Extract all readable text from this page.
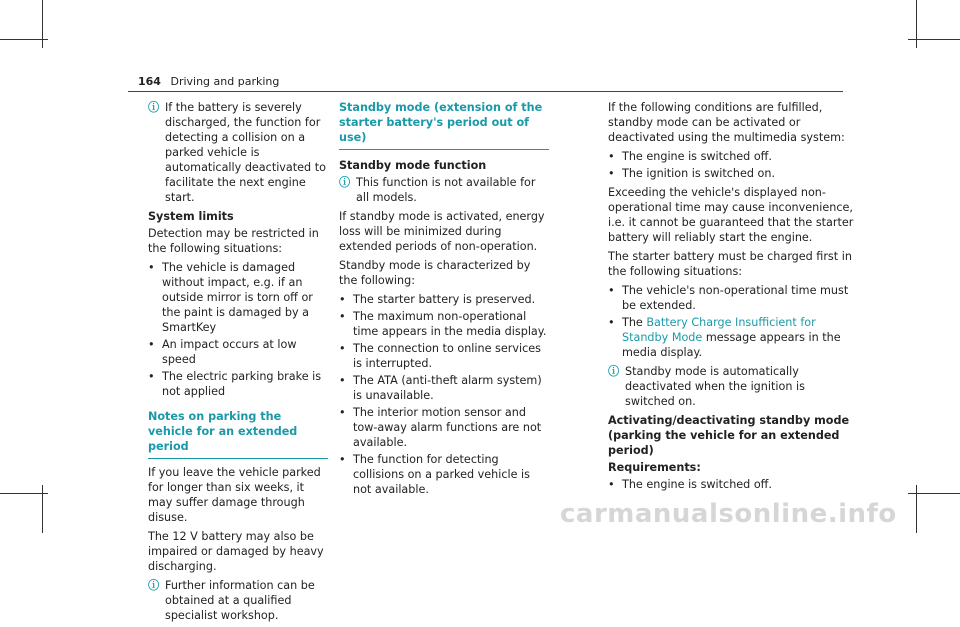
164 Driving and parking
ⓘ If the battery is severely discharged, the function for detecting a collision on a parked vehicle is automatically deactivated to facilitate the next engine start.
System limits
Detection may be restricted in the following situations:
• The vehicle is damaged without impact, e.g. if an outside mirror is torn off or the paint is damaged by a SmartKey
• An impact occurs at low speed
• The electric parking brake is not applied
Notes on parking the vehicle for an extended period
If you leave the vehicle parked for longer than six weeks, it may suffer damage through disuse.
The 12 V battery may also be impaired or damaged by heavy discharging.
ⓘ Further information can be obtained at a qualified specialist workshop.
Standby mode (extension of the starter battery's period out of use)
Standby mode function
ⓘ This function is not available for all models.
If standby mode is activated, energy loss will be minimized during extended periods of non-operation.
Standby mode is characterized by the following:
• The starter battery is preserved.
• The maximum non-operational time appears in the media display.
• The connection to online services is interrupted.
• The ATA (anti-theft alarm system) is unavailable.
• The interior motion sensor and tow-away alarm functions are not available.
• The function for detecting collisions on a parked vehicle is not available.
If the following conditions are fulfilled, standby mode can be activated or deactivated using the multimedia system:
• The engine is switched off.
• The ignition is switched on.
Exceeding the vehicle's displayed non-operational time may cause inconvenience, i.e. it cannot be guaranteed that the starter battery will reliably start the engine.
The starter battery must be charged first in the following situations:
• The vehicle's non-operational time must be extended.
• The Battery Charge Insufficient for Standby Mode message appears in the media display.
ⓘ Standby mode is automatically deactivated when the ignition is switched on.
Activating/deactivating standby mode (parking the vehicle for an extended period)
Requirements:
• The engine is switched off.
carmanualsonline.info
